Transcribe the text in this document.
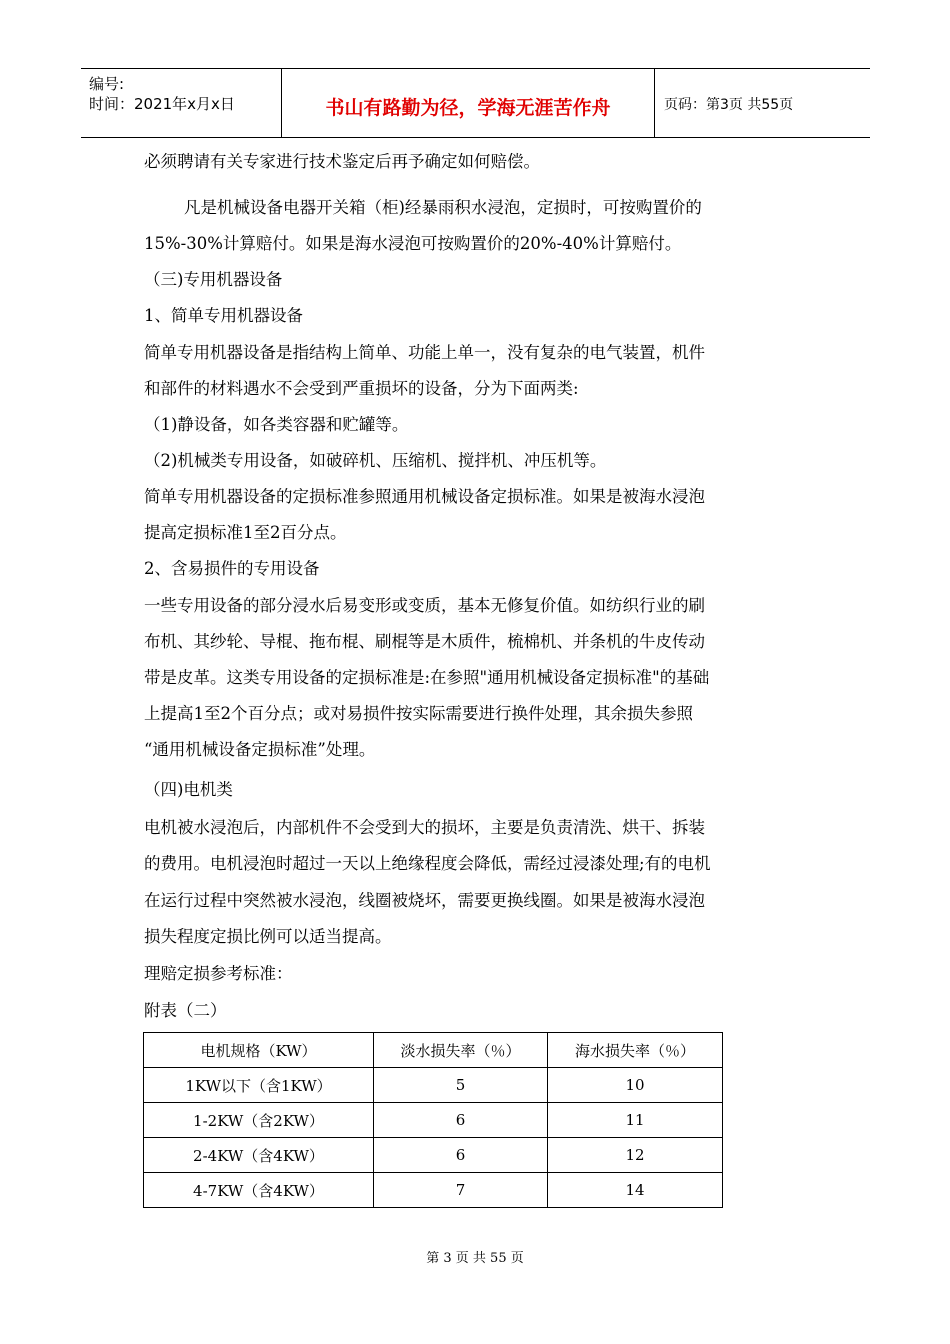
编号:
时间：2021年x月x日	书山有路勤为径，学海无涯苦作舟	页码：第3页 共55页
必须聘请有关专家进行技术鉴定后再予确定如何赔偿。
凡是机械设备电器开关箱（柜)经暴雨积水浸泡，定损时，可按购置价的
15%-30%计算赔付。如果是海水浸泡可按购置价的20%-40%计算赔付。
（三)专用机器设备
1、简单专用机器设备
简单专用机器设备是指结构上简单、功能上单一，没有复杂的电气装置，机件
和部件的材料遇水不会受到严重损坏的设备，分为下面两类:
（1)静设备，如各类容器和贮罐等。
（2)机械类专用设备，如破碎机、压缩机、搅拌机、冲压机等。
简单专用机器设备的定损标准参照通用机械设备定损标准。如果是被海水浸泡
提高定损标准1至2百分点。
2、含易损件的专用设备
一些专用设备的部分浸水后易变形或变质，基本无修复价值。如纺织行业的刷
布机、其纱轮、导棍、拖布棍、刷棍等是木质件，梳棉机、并条机的牛皮传动
带是皮革。这类专用设备的定损标准是:在参照"通用机械设备定损标准"的基础
上提高1至2个百分点；或对易损件按实际需要进行换件处理，其余损失参照
“通用机械设备定损标准”处理。
（四)电机类
电机被水浸泡后，内部机件不会受到大的损坏，主要是负责清洗、烘干、拆装
的费用。电机浸泡时超过一天以上绝缘程度会降低，需经过浸漆处理;有的电机
在运行过程中突然被水浸泡，线圈被烧坏，需要更换线圈。如果是被海水浸泡
损失程度定损比例可以适当提高。
理赔定损参考标准：
附表（二）
电机规格（KW）	淡水损失率（％）	海水损失率（％）
1KW以下（含1KW）	5	10
1-2KW（含2KW）	6	11
2-4KW（含4KW）	6	12
4-7KW（含4KW）	7	14
第 3 页 共 55 页
